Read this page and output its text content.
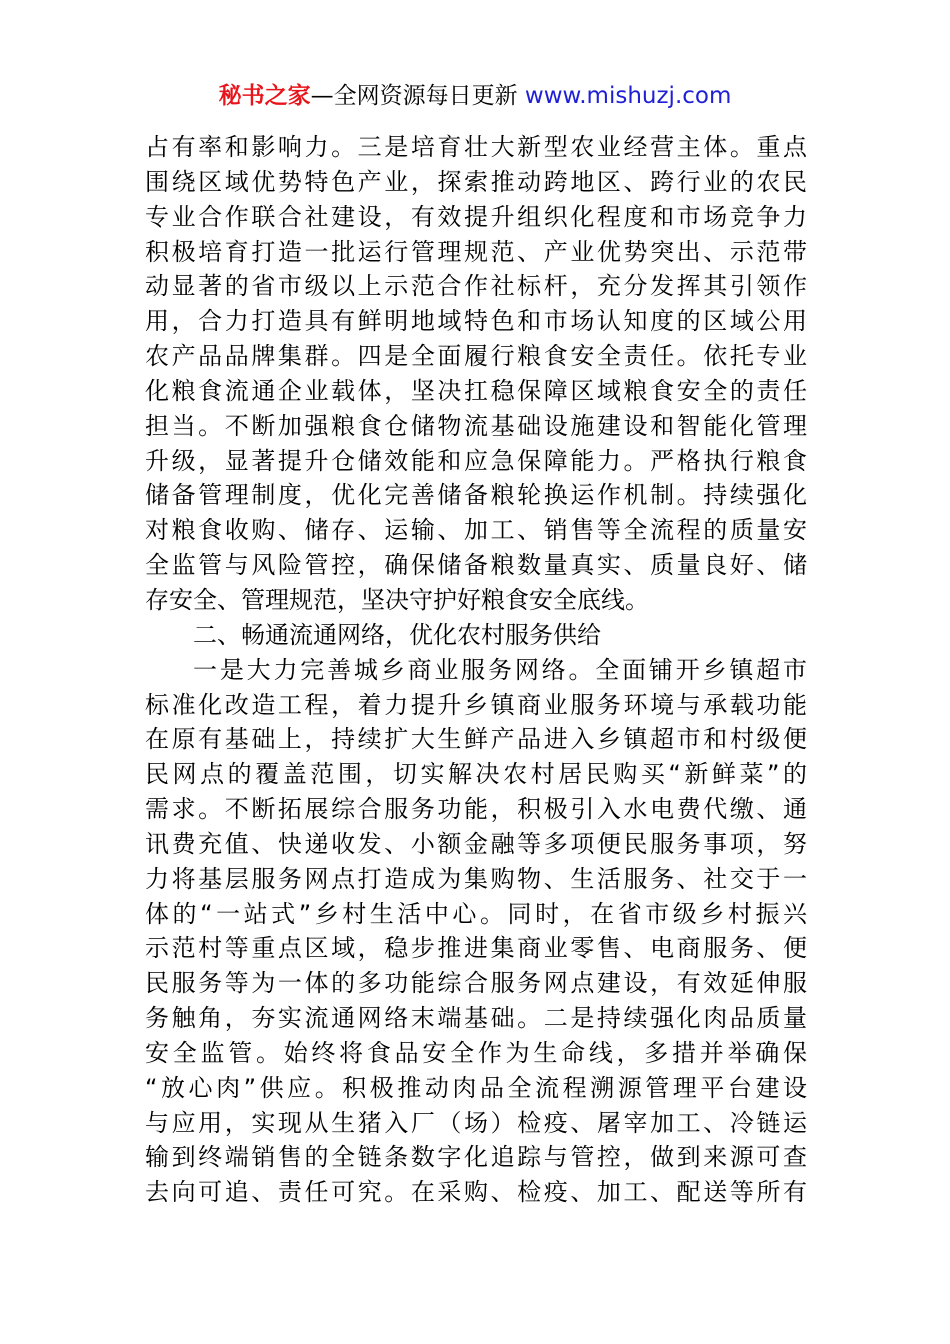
秘书之家—全网资源每日更新 www.mishuzj.com
占有率和影响力。三是培育壮大新型农业经营主体。重点
围绕区域优势特色产业，探索推动跨地区、跨行业的农民
专业合作联合社建设，有效提升组织化程度和市场竞争力
积极培育打造一批运行管理规范、产业优势突出、示范带
动显著的省市级以上示范合作社标杆，充分发挥其引领作
用，合力打造具有鲜明地域特色和市场认知度的区域公用
农产品品牌集群。四是全面履行粮食安全责任。依托专业
化粮食流通企业载体，坚决扛稳保障区域粮食安全的责任
担当。不断加强粮食仓储物流基础设施建设和智能化管理
升级，显著提升仓储效能和应急保障能力。严格执行粮食
储备管理制度，优化完善储备粮轮换运作机制。持续强化
对粮食收购、储存、运输、加工、销售等全流程的质量安
全监管与风险管控，确保储备粮数量真实、质量良好、储
存安全、管理规范，坚决守护好粮食安全底线。
二、畅通流通网络，优化农村服务供给
一是大力完善城乡商业服务网络。全面铺开乡镇超市
标准化改造工程，着力提升乡镇商业服务环境与承载功能
在原有基础上，持续扩大生鲜产品进入乡镇超市和村级便
民网点的覆盖范围，切实解决农村居民购买“新鲜菜”的
需求。不断拓展综合服务功能，积极引入水电费代缴、通
讯费充值、快递收发、小额金融等多项便民服务事项，努
力将基层服务网点打造成为集购物、生活服务、社交于一
体的“一站式”乡村生活中心。同时，在省市级乡村振兴
示范村等重点区域，稳步推进集商业零售、电商服务、便
民服务等为一体的多功能综合服务网点建设，有效延伸服
务触角，夯实流通网络末端基础。二是持续强化肉品质量
安全监管。始终将食品安全作为生命线，多措并举确保
“放心肉”供应。积极推动肉品全流程溯源管理平台建设
与应用，实现从生猪入厂（场）检疫、屠宰加工、冷链运
输到终端销售的全链条数字化追踪与管控，做到来源可查
去向可追、责任可究。在采购、检疫、加工、配送等所有
